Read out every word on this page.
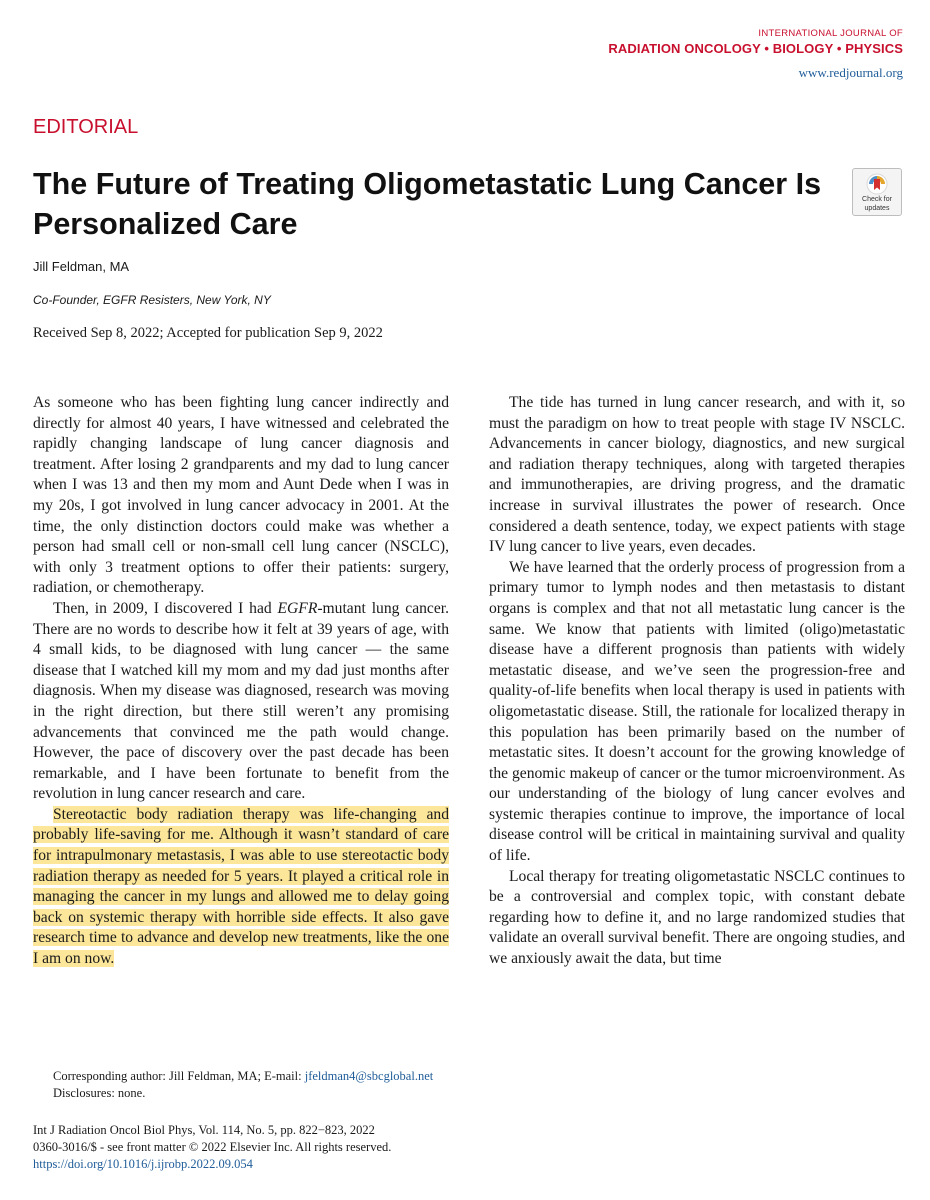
INTERNATIONAL JOURNAL OF
RADIATION ONCOLOGY • BIOLOGY • PHYSICS
www.redjournal.org
EDITORIAL
The Future of Treating Oligometastatic Lung Cancer Is Personalized Care
Check for
updates
Jill Feldman, MA
Co-Founder, EGFR Resisters, New York, NY
Received Sep 8, 2022; Accepted for publication Sep 9, 2022

As someone who has been fighting lung cancer indirectly and directly for almost 40 years, I have witnessed and celebrated the rapidly changing landscape of lung cancer diagnosis and treatment. After losing 2 grandparents and my dad to lung cancer when I was 13 and then my mom and Aunt Dede when I was in my 20s, I got involved in lung cancer advocacy in 2001. At the time, the only distinction doctors could make was whether a person had small cell or non-small cell lung cancer (NSCLC), with only 3 treatment options to offer their patients: surgery, radiation, or chemotherapy.

Then, in 2009, I discovered I had EGFR-mutant lung cancer. There are no words to describe how it felt at 39 years of age, with 4 small kids, to be diagnosed with lung cancer — the same disease that I watched kill my mom and my dad just months after diagnosis. When my disease was diagnosed, research was moving in the right direction, but there still weren’t any promising advancements that convinced me the path would change. However, the pace of discovery over the past decade has been remarkable, and I have been fortunate to benefit from the revolution in lung cancer research and care.

Stereotactic body radiation therapy was life-changing and probably life-saving for me. Although it wasn’t standard of care for intrapulmonary metastasis, I was able to use stereotactic body radiation therapy as needed for 5 years. It played a critical role in managing the cancer in my lungs and allowed me to delay going back on systemic therapy with horrible side effects. It also gave research time to advance and develop new treatments, like the one I am on now.

The tide has turned in lung cancer research, and with it, so must the paradigm on how to treat people with stage IV NSCLC. Advancements in cancer biology, diagnostics, and new surgical and radiation therapy techniques, along with targeted therapies and immunotherapies, are driving progress, and the dramatic increase in survival illustrates the power of research. Once considered a death sentence, today, we expect patients with stage IV lung cancer to live years, even decades.

We have learned that the orderly process of progression from a primary tumor to lymph nodes and then metastasis to distant organs is complex and that not all metastatic lung cancer is the same. We know that patients with limited (oligo)metastatic disease have a different prognosis than patients with widely metastatic disease, and we’ve seen the progression-free and quality-of-life benefits when local therapy is used in patients with oligometastatic disease. Still, the rationale for localized therapy in this population has been primarily based on the number of metastatic sites. It doesn’t account for the growing knowledge of the genomic makeup of cancer or the tumor microenvironment. As our understanding of the biology of lung cancer evolves and systemic therapies continue to improve, the importance of local disease control will be critical in maintaining survival and quality of life.

Local therapy for treating oligometastatic NSCLC continues to be a controversial and complex topic, with constant debate regarding how to define it, and no large randomized studies that validate an overall survival benefit. There are ongoing studies, and we anxiously await the data, but time

Corresponding author: Jill Feldman, MA; E-mail: jfeldman4@sbcglobal.net
Disclosures: none.
Int J Radiation Oncol Biol Phys, Vol. 114, No. 5, pp. 822−823, 2022
0360-3016/$ - see front matter © 2022 Elsevier Inc. All rights reserved.
https://doi.org/10.1016/j.ijrobp.2022.09.054
